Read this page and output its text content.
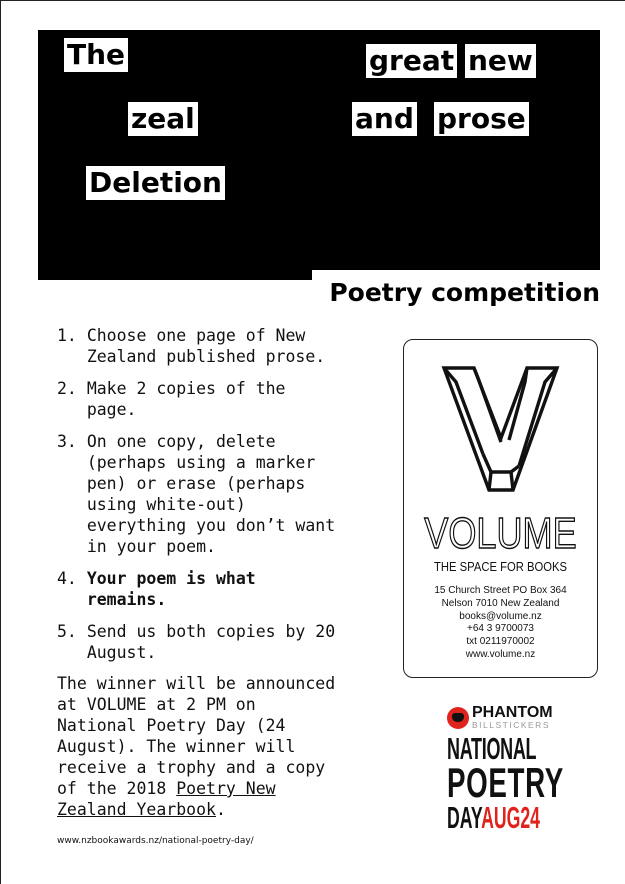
The	great new
zeal	and prose
Deletion
Poetry competition
1.
Choose one page of New
Zealand published prose.
2.
Make 2 copies of the
page.
3.
On one copy, delete
(perhaps using a marker
pen) or erase (perhaps
using white-out)
everything you don’t want
in your poem.
4.
Your poem is what
remains.
5.
Send us both copies by 20
August.

The winner will be announced
at VOLUME at 2 PM on
National Poetry Day (24
August). The winner will
receive a trophy and a copy
of the 2018 Poetry New
Zealand Yearbook.

www.nzbookawards.nz/national-poetry-day/
VOLUME
THE SPACE FOR BOOKS
15 Church Street PO Box 364
Nelson 7010 New Zealand
books@volume.nz
+64 3 9700073
txt 0211970002
www.volume.nz
PHANTOM
BILLSTICKERS
NATIONAL
POETRY
DAYAUG24
